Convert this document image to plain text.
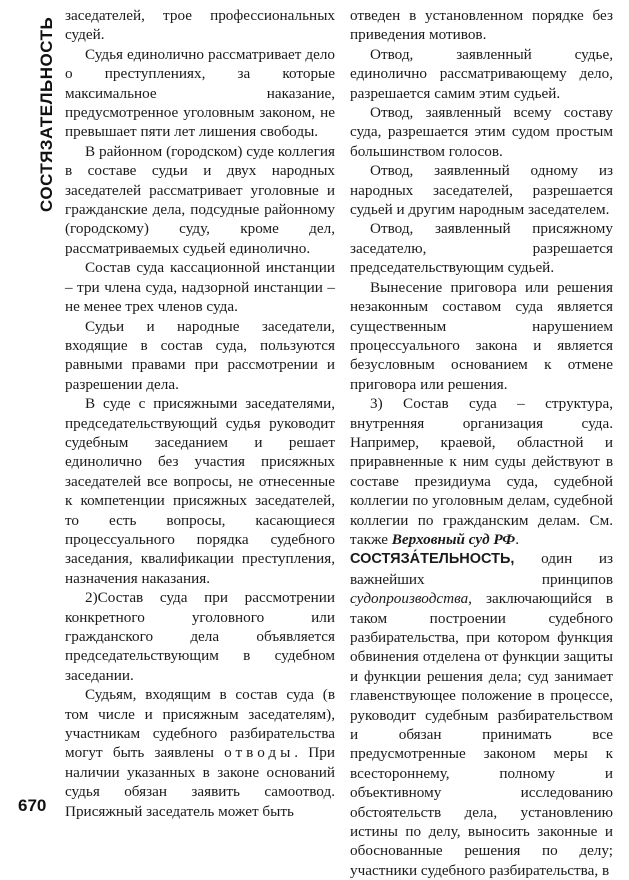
СОСТЯЗАТЕЛЬНОСТЬ
670

заседателей, трое профессиональных судей.

Судья единолично рассматривает дело о преступлениях, за которые максимальное наказание, предусмотренное уголовным законом, не превышает пяти лет лишения свободы.

В районном (городском) суде коллегия в составе судьи и двух народных заседателей рассматривает уголовные и гражданские дела, подсудные районному (городскому) суду, кроме дел, рассматриваемых судьей единолично.

Состав суда кассационной инстанции – три члена суда, надзорной инстанции – не менее трех членов суда.

Судьи и народные заседатели, входящие в состав суда, пользуются равными правами при рассмотрении и разрешении дела.

В суде с присяжными заседателями, председательствующий судья руководит судебным заседанием и решает единолично без участия присяжных заседателей все вопросы, не отнесенные к компетенции присяжных заседателей, то есть вопросы, касающиеся процессуального порядка судебного заседания, квалификации преступления, назначения наказания.

2)Состав суда при рассмотрении конкретного уголовного или гражданского дела объявляется председательствующим в судебном заседании.

Судьям, входящим в состав суда (в том числе и присяжным заседателям), участникам судебного разбирательства могут быть заявлены отводы. При наличии указанных в законе оснований судья обязан заявить самоотвод. Присяжный заседатель может быть

отведен в установленном порядке без приведения мотивов.

Отвод, заявленный судье, единолично рассматривающему дело, разрешается самим этим судьей.

Отвод, заявленный всему составу суда, разрешается этим судом простым большинством голосов.

Отвод, заявленный одному из народных заседателей, разрешается судьей и другим народным заседателем.

Отвод, заявленный присяжному заседателю, разрешается председательствующим судьей.

Вынесение приговора или решения незаконным составом суда является существенным нарушением процессуального закона и является безусловным основанием к отмене приговора или решения.

3) Состав суда – структура, внутренняя организация суда. Например, краевой, областной и приравненные к ним суды действуют в составе президиума суда, судебной коллегии по уголовным делам, судебной коллегии по гражданским делам. См. также Верховный суд РФ.

СОСТЯЗА́ТЕЛЬНОСТЬ, один из важнейших принципов судопроизводства, заключающийся в таком построении судебного разбирательства, при котором функция обвинения отделена от функции защиты и функции решения дела; суд занимает главенствующее положение в процессе, руководит судебным разбирательством и обязан принимать все предусмотренные законом меры к всестороннему, полному и объективному исследованию обстоятельств дела, установлению истины по делу, выносить законные и обоснованные решения по делу; участники судебного разбирательства, в
